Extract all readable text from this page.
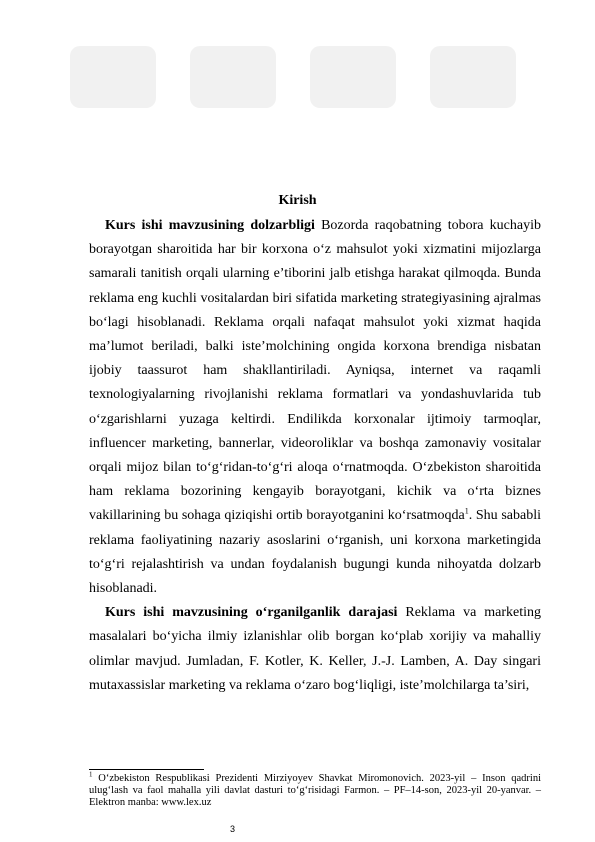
Kirish

Kurs ishi mavzusining dolzarbligi Bozorda raqobatning tobora kuchayib borayotgan sharoitida har bir korxona o‘z mahsulot yoki xizmatini mijozlarga samarali tanitish orqali ularning e’tiborini jalb etishga harakat qilmoqda. Bunda reklama eng kuchli vositalardan biri sifatida marketing strategiyasining ajralmas bo‘lagi hisoblanadi. Reklama orqali nafaqat mahsulot yoki xizmat haqida ma’lumot beriladi, balki iste’molchining ongida korxona brendiga nisbatan ijobiy taassurot ham shakllantiriladi. Ayniqsa, internet va raqamli texnologiyalarning rivojlanishi reklama formatlari va yondashuvlarida tub o‘zgarishlarni yuzaga keltirdi. Endilikda korxonalar ijtimoiy tarmoqlar, influencer marketing, bannerlar, videoroliklar va boshqa zamonaviy vositalar orqali mijoz bilan to‘g‘ridan-to‘g‘ri aloqa o‘rnatmoqda. O‘zbekiston sharoitida ham reklama bozorining kengayib borayotgani, kichik va o‘rta biznes vakillarining bu sohaga qiziqishi ortib borayotganini ko‘rsatmoqda$^1$. Shu sababli reklama faoliyatining nazariy asoslarini o‘rganish, uni korxona marketingida to‘g‘ri rejalashtirish va undan foydalanish bugungi kunda nihoyatda dolzarb hisoblanadi.

Kurs ishi mavzusining o‘rganilganlik darajasi Reklama va marketing masalalari bo‘yicha ilmiy izlanishlar olib borgan ko‘plab xorijiy va mahalliy olimlar mavjud. Jumladan, F. Kotler, K. Keller, J.-J. Lamben, A. Day singari mutaxassislar marketing va reklama o‘zaro bog‘liqligi, iste’molchilarga ta’siri,

$^1$ O‘zbekiston Respublikasi Prezidenti Mirziyoyev Shavkat Miromonovich. 2023-yil – Inson qadrini ulug‘lash va faol mahalla yili davlat dasturi to‘g‘risidagi Farmon. – PF–14-son, 2023-yil 20-yanvar. – Elektron manba: www.lex.uz
3
